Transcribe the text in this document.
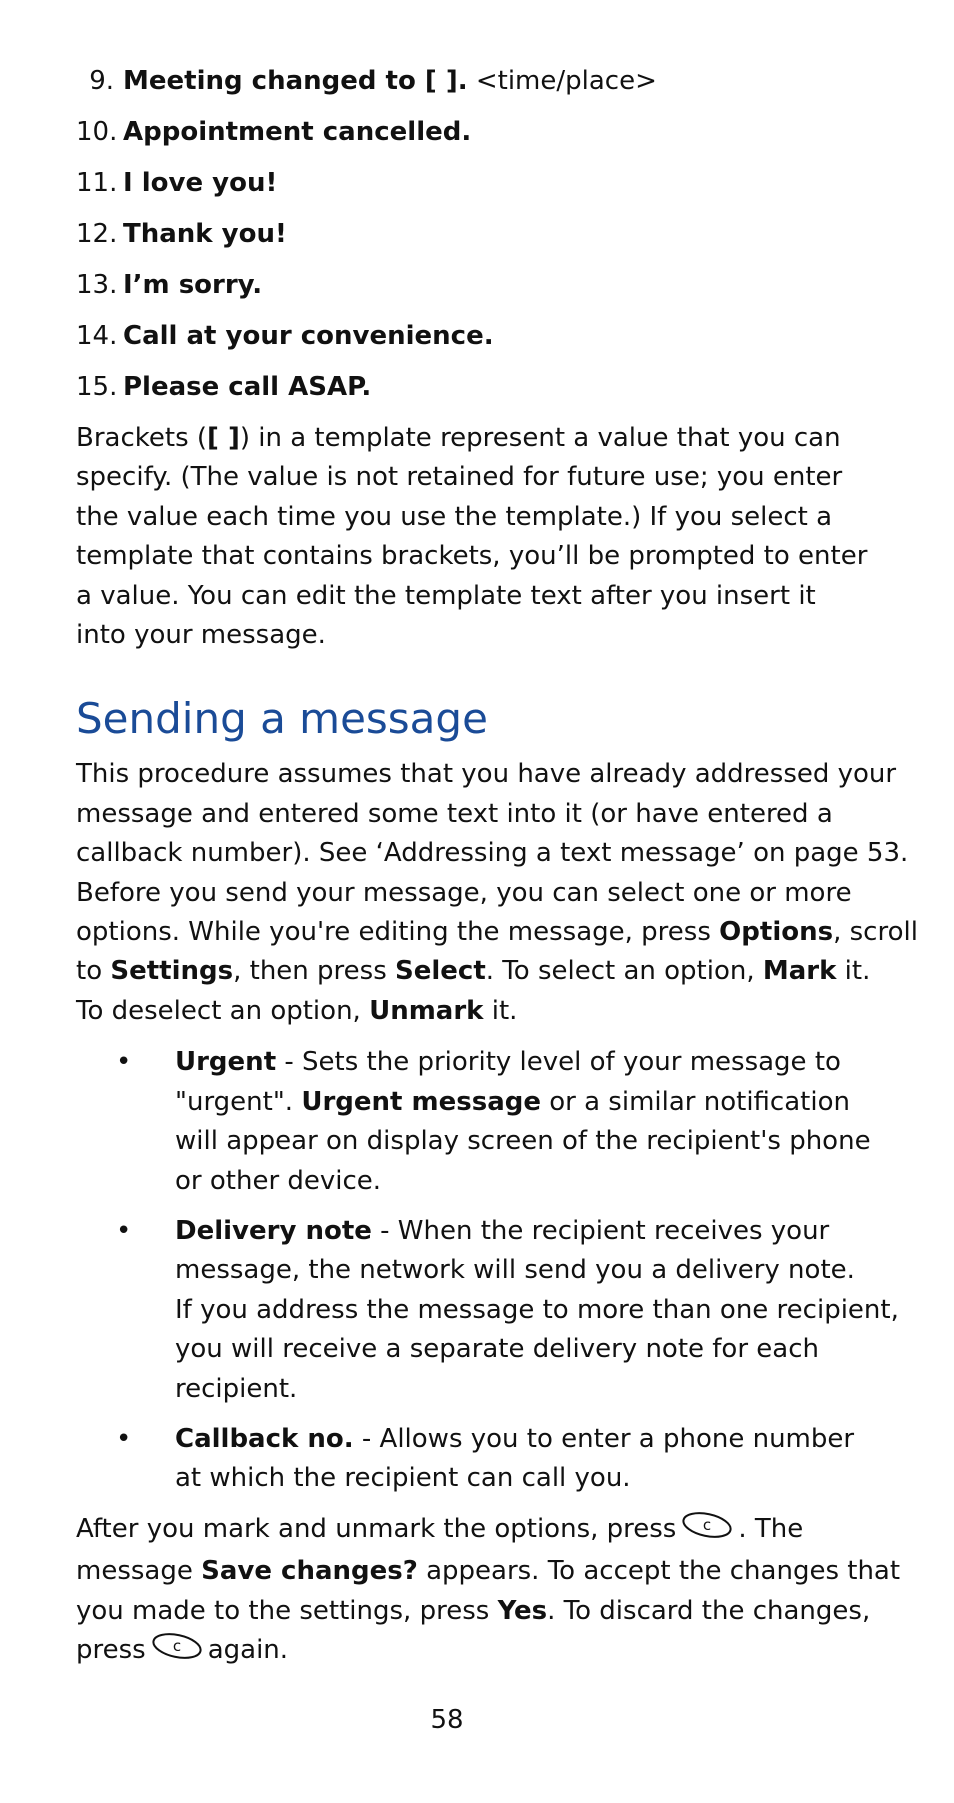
9. Meeting changed to [ ]. <time/place>
10. Appointment cancelled.
11. I love you!
12. Thank you!
13. I’m sorry.
14. Call at your convenience.
15. Please call ASAP.

Brackets ([ ]) in a template represent a value that you can
specify. (The value is not retained for future use; you enter
the value each time you use the template.) If you select a
template that contains brackets, you’ll be prompted to enter
a value. You can edit the template text after you insert it
into your message.

Sending a message

This procedure assumes that you have already addressed your
message and entered some text into it (or have entered a
callback number). See ‘Addressing a text message’ on page 53.
Before you send your message, you can select one or more
options. While you're editing the message, press Options, scroll
to Settings, then press Select. To select an option, Mark it.
To deselect an option, Unmark it.

• Urgent - Sets the priority level of your message to
"urgent". Urgent message or a similar notification
will appear on display screen of the recipient's phone
or other device.
• Delivery note - When the recipient receives your
message, the network will send you a delivery note.
If you address the message to more than one recipient,
you will receive a separate delivery note for each
recipient.
• Callback no. - Allows you to enter a phone number
at which the recipient can call you.

After you mark and unmark the options, press c . The
message Save changes? appears. To accept the changes that
you made to the settings, press Yes. To discard the changes,
press c again.

58
